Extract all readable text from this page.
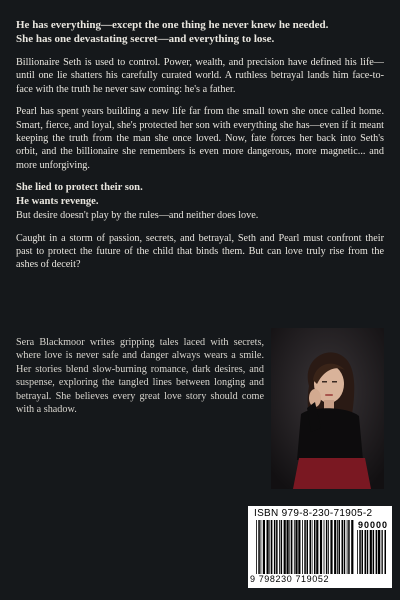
He has everything—except the one thing he never knew he needed.
She has one devastating secret—and everything to lose.

Billionaire Seth is used to control. Power, wealth, and precision have defined his life—until one lie shatters his carefully curated world. A ruthless betrayal lands him face-to-face with the truth he never saw coming: he's a father.

Pearl has spent years building a new life far from the small town she once called home. Smart, fierce, and loyal, she's protected her son with everything she has—even if it meant keeping the truth from the man she once loved. Now, fate forces her back into Seth's orbit, and the billionaire she remembers is even more dangerous, more magnetic... and more unforgiving.

She lied to protect their son.
He wants revenge.
But desire doesn't play by the rules—and neither does love.

Caught in a storm of passion, secrets, and betrayal, Seth and Pearl must confront their past to protect the future of the child that binds them. But can love truly rise from the ashes of deceit?

Sera Blackmoor writes gripping tales laced with secrets, where love is never safe and danger always wears a smile. Her stories blend slow-burning romance, dark desires, and suspense, exploring the tangled lines between longing and betrayal. She believes every great love story should come with a shadow.
ISBN 979-8-230-71905-2
90000
9 798230 719052
